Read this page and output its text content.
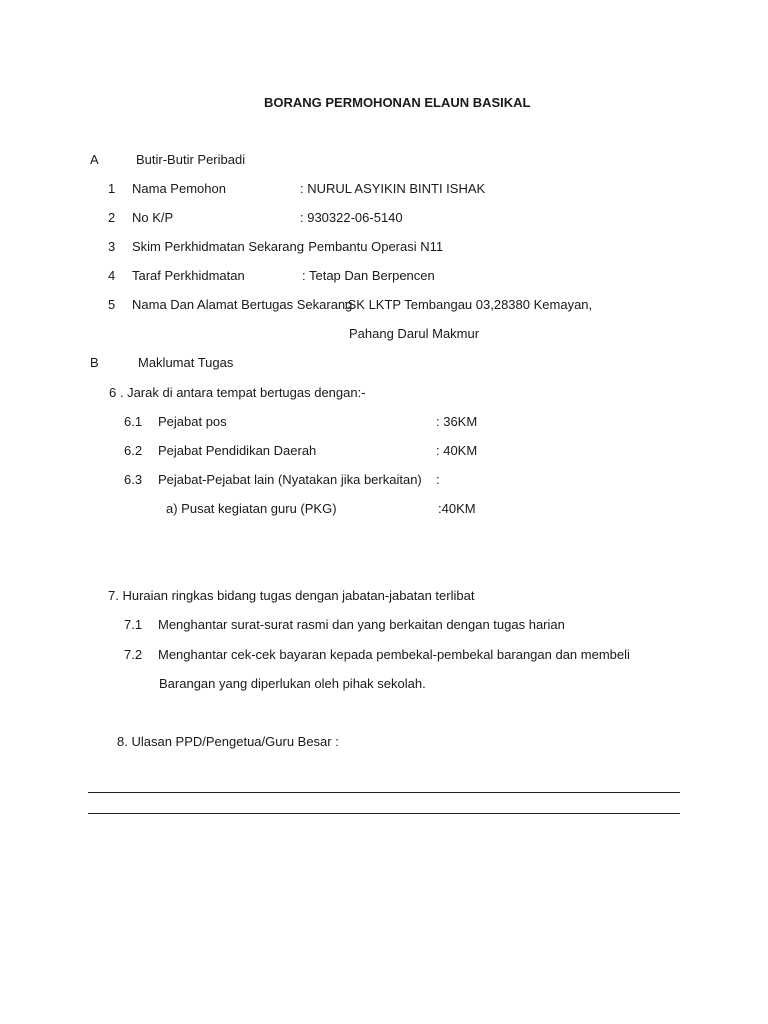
BORANG PERMOHONAN ELAUN BASIKAL
A	Butir-Butir Peribadi
1 Nama Pemohon	: NURUL ASYIKIN BINTI ISHAK
2 No K/P	: 930322-06-5140
3 Skim Perkhidmatan Sekarang
: Pembantu Operasi N11
4 Taraf Perkhidmatan	: Tetap Dan Berpencen
5 Nama Dan Alamat Bertugas Sekarang
:SK LKTP Tembangau 03,28380 Kemayan,
Pahang Darul Makmur
B	Maklumat Tugas
6 . Jarak di antara tempat bertugas dengan:-
6.1 Pejabat pos	: 36KM
6.2 Pejabat Pendidikan Daerah	: 40KM
6.3 Pejabat-Pejabat lain (Nyatakan jika berkaitan) :
a) Pusat kegiatan guru (PKG)	:40KM
7. Huraian ringkas bidang tugas dengan jabatan-jabatan terlibat
7.1 Menghantar surat-surat rasmi dan yang berkaitan dengan tugas harian
7.2 Menghantar cek-cek bayaran kepada pembekal-pembekal barangan dan membeli
Barangan yang diperlukan oleh pihak sekolah.
8. Ulasan PPD/Pengetua/Guru Besar :
